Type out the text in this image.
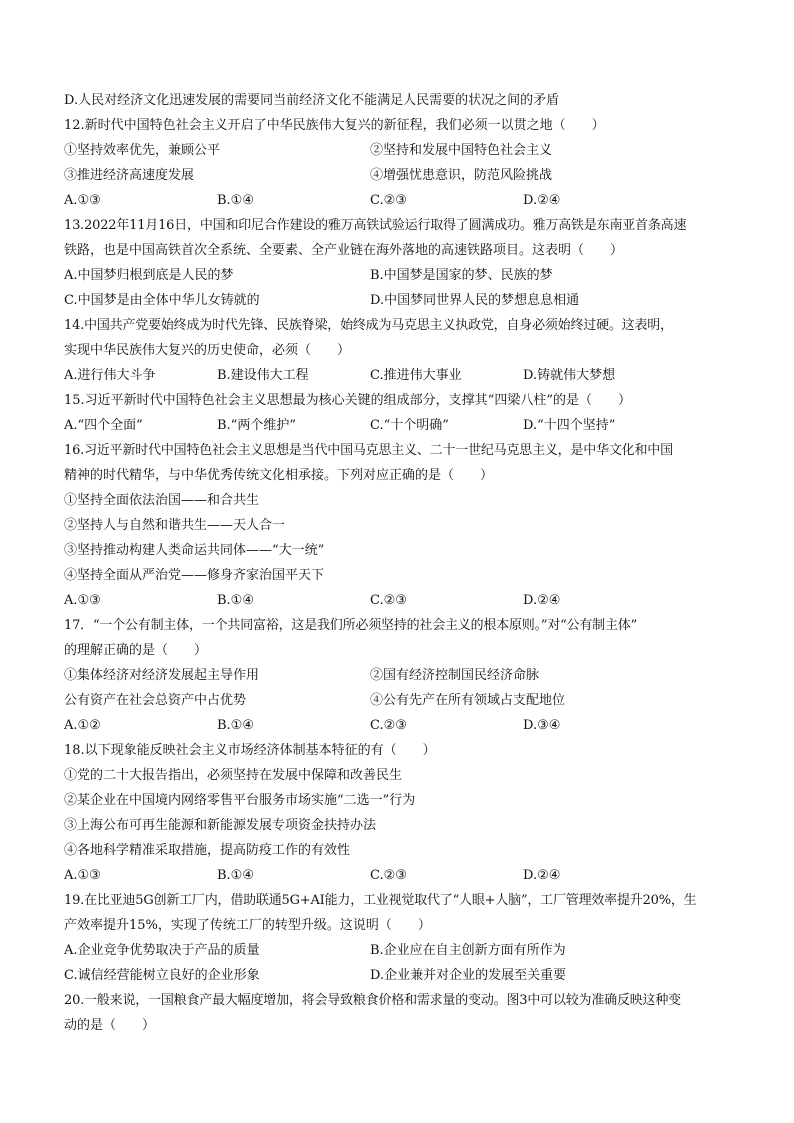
D.人民对经济文化迅速发展的需要同当前经济文化不能满足人民需要的状况之间的矛盾
12.新时代中国特色社会主义开启了中华民族伟大复兴的新征程，我们必须一以贯之地（　　）
①坚持效率优先，兼顾公平	②坚持和发展中国特色社会主义
③推进经济高速度发展	④增强忧患意识，防范风险挑战
A.①③	B.①④	C.②③	D.②④
13.2022年11月16日，中国和印尼合作建设的雅万高铁试验运行取得了圆满成功。雅万高铁是东南亚首条高速
铁路，也是中国高铁首次全系统、全要素、全产业链在海外落地的高速铁路项目。这表明（　　）
A.中国梦归根到底是人民的梦	B.中国梦是国家的梦、民族的梦
C.中国梦是由全体中华儿女铸就的	D.中国梦同世界人民的梦想息息相通
14.中国共产党要始终成为时代先锋、民族脊梁，始终成为马克思主义执政党，自身必须始终过硬。这表明，
实现中华民族伟大复兴的历史使命，必须（　　）
A.进行伟大斗争	B.建设伟大工程	C.推进伟大事业	D.铸就伟大梦想
15.习近平新时代中国特色社会主义思想最为核心关键的组成部分，支撑其“四梁八柱”的是（　　）
A.“四个全面”	B.“两个维护”	C.“十个明确”	D.“十四个坚持”
16.习近平新时代中国特色社会主义思想是当代中国马克思主义、二十一世纪马克思主义，是中华文化和中国
精神的时代精华，与中华优秀传统文化相承接。下列对应正确的是（　　）
①坚持全面依法治国——和合共生
②坚持人与自然和谐共生——天人合一
③坚持推动构建人类命运共同体——“大一统”
④坚持全面从严治党——修身齐家治国平天下
A.①③	B.①④	C.②③	D.②④
17．“一个公有制主体，一个共同富裕，这是我们所必须坚持的社会主义的根本原则。”对“公有制主体”
的理解正确的是（　　）
①集体经济对经济发展起主导作用	②国有经济控制国民经济命脉
公有资产在社会总资产中占优势	④公有先产在所有领域占支配地位
A.①②	B.①④	C.②③	D.③④
18.以下现象能反映社会主义市场经济体制基本特征的有（　　）
①党的二十大报告指出，必须坚持在发展中保障和改善民生
②某企业在中国境内网络零售平台服务市场实施“二选一”行为
③上海公布可再生能源和新能源发展专项资金扶持办法
④各地科学精准采取措施，提高防疫工作的有效性
A.①③	B.①④	C.②③	D.②④
19.在比亚迪5G创新工厂内，借助联通5G+AI能力，工业视觉取代了“人眼+人脑”，工厂管理效率提升20%，生
产效率提升15%，实现了传统工厂的转型升级。这说明（　　）
A.企业竞争优势取决于产品的质量	B.企业应在自主创新方面有所作为
C.诚信经营能树立良好的企业形象	D.企业兼并对企业的发展至关重要
20.一般来说，一国粮食产最大幅度增加，将会导致粮食价格和需求量的变动。图3中可以较为准确反映这种变
动的是（　　）
